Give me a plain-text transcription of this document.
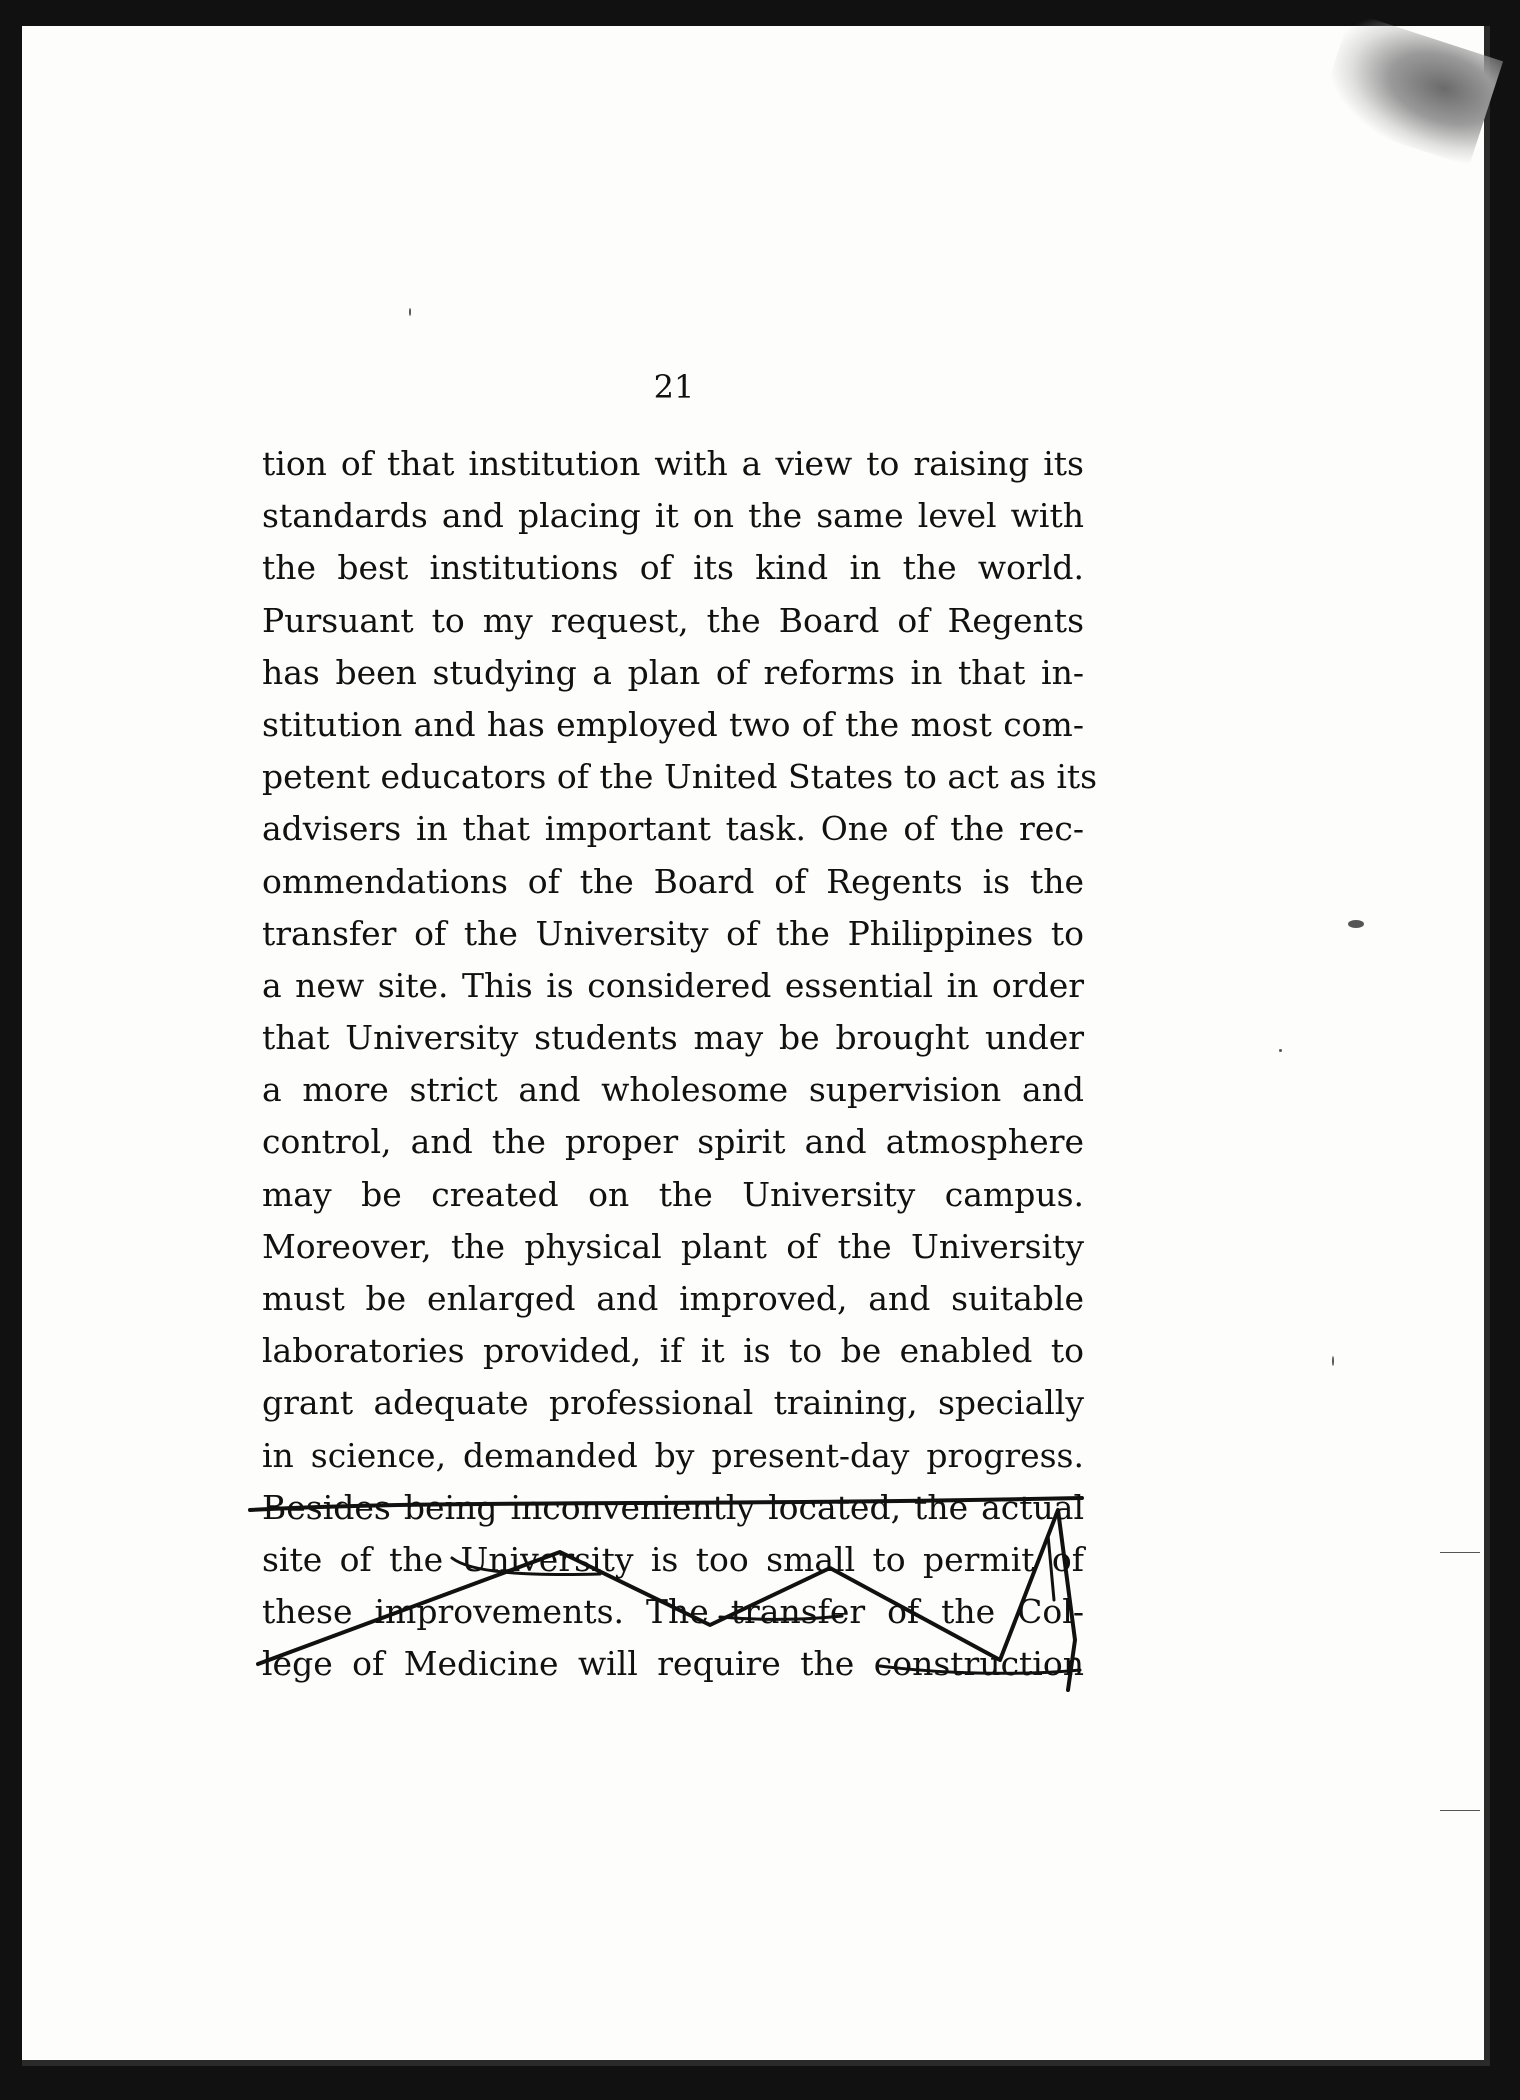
21
tion of that institution with a view to raising its
standards and placing it on the same level with
the best institutions of its kind in the world.
Pursuant to my request, the Board of Regents
has been studying a plan of reforms in that in-
stitution and has employed two of the most com-
petent educators of the United States to act as its
advisers in that important task. One of the rec-
ommendations of the Board of Regents is the
transfer of the University of the Philippines to
a new site. This is considered essential in order
that University students may be brought under
a more strict and wholesome supervision and
control, and the proper spirit and atmosphere
may be created on the University campus.
Moreover, the physical plant of the University
must be enlarged and improved, and suitable
laboratories provided, if it is to be enabled to
grant adequate professional training, specially
in science, demanded by present-day progress.
Besides being inconveniently located, the actual
site of the University is too small to permit of
these improvements. The transfer of the Col-
lege of Medicine will require the construction
